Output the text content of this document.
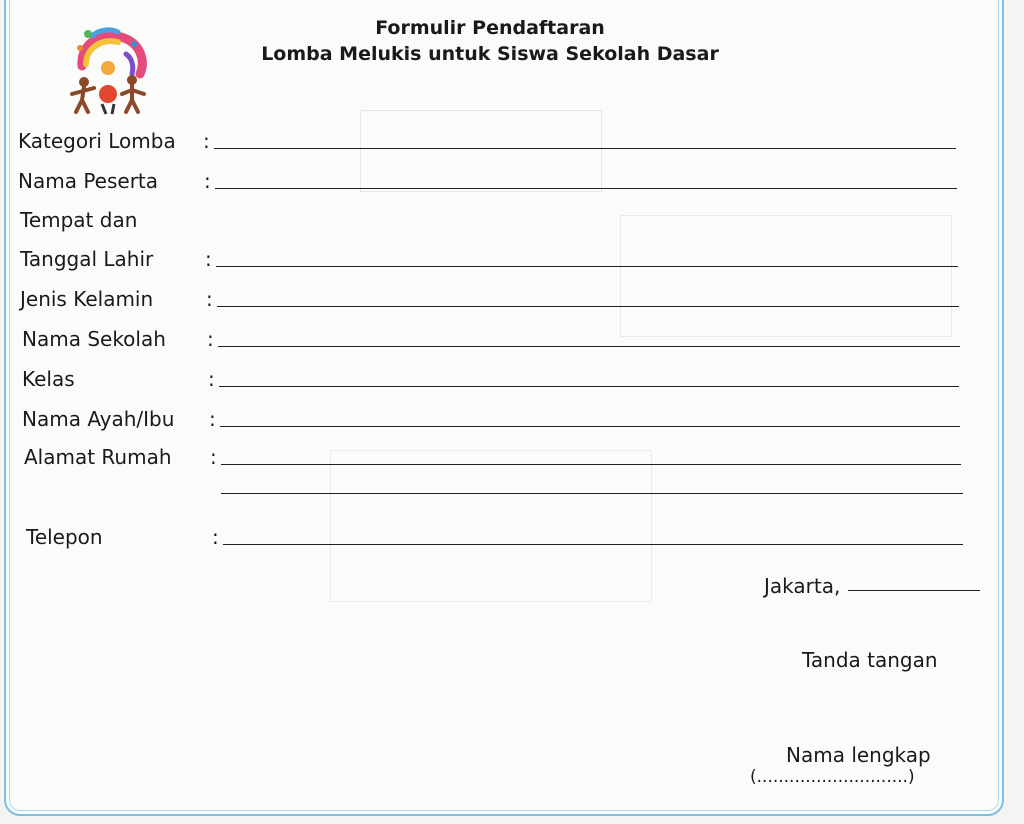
Formulir Pendaftaran
Lomba Melukis untuk Siswa Sekolah Dasar
Kategori Lomba :
Nama Peserta :
Tempat dan
Tanggal Lahir	:
Jenis Kelamin	:
Nama Sekolah :
Kelas	:
Nama Ayah/Ibu :
Alamat Rumah :
Telepon	:
Jakarta,
Tanda tangan
Nama lengkap
(............................)
